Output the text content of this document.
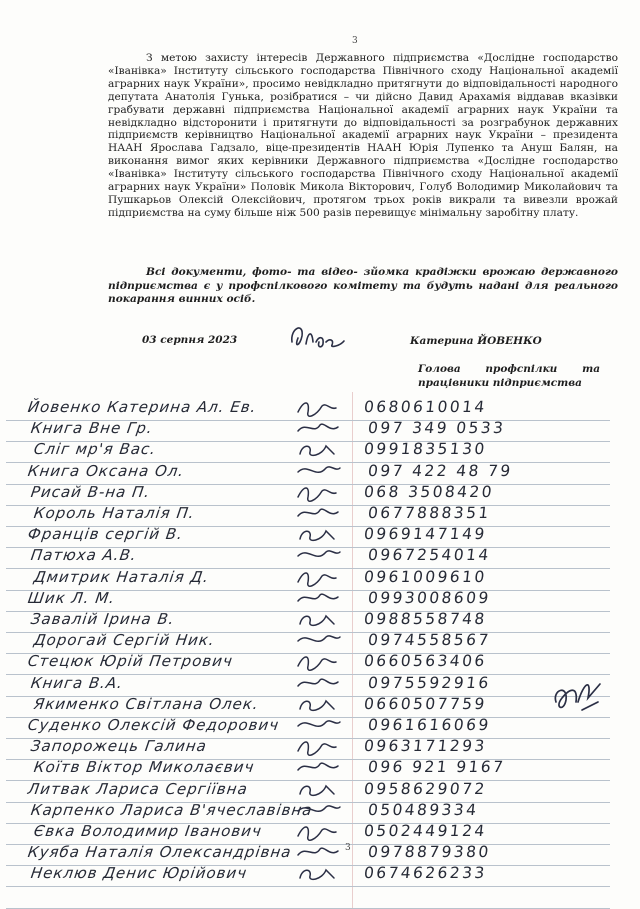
3

З метою захисту інтересів Державного підприємства «Дослідне господарство «Іванівка» Інституту сільського господарства Північного сходу Національної академії аграрних наук України», просимо невідкладно притягнути до відповідальності народного депутата Анатолія Гунька, розібратися – чи дійсно Давид Арахамія віддавав вказівки грабувати державні підприємства Національної академії аграрних наук України та невідкладно відсторонити і притягнути до відповідальності за розграбунок державних підприємств керівництво Національної академії аграрних наук України – президента НААН Ярослава Гадзало, віце-президентів НААН Юрія Лупенко та Ануш Балян, на виконання вимог яких керівники Державного підприємства «Дослідне господарство «Іванівка» Інституту сільського господарства Північного сходу Національної академії аграрних наук України» Половік Микола Вікторович, Голуб Володимир Миколайович та Пушкарьов Олексій Олексійович, протягом трьох років викрали та вивезли врожай підприємства на суму більше ніж 500 разів перевищує мінімальну заробітну плату.

Всі документи, фото- та відео- зйомка крадіжки врожаю державного підприємства є у профспілкового комітету та будуть надані для реального покарання винних осіб.

03 серпня 2023	Катерина ЙОВЕНКО
Голова профспілки та
працівники підприємства
Йовенко Катерина Ал. Ев.	0680610014
Книга Вне Гр.	097 349 0533
Сліг мр'я Вас.	0991835130
Книга Оксана Ол.	097 422 48 79
Рисай В-на П.	068 3508420
Король Наталія П.	0677888351
Франців сергій В.	0969147149
Патюха А.В.	0967254014
Дмитрик Наталія Д.	0961009610
Шик Л. М.	0993008609
Завалій Ірина В.	0988558748
Дорогай Сергій Ник.	0974558567
Стецюк Юрій Петрович	0660563406
Книга В.А.	0975592916
Якименко Світлана Олек.	0660507759
Суденко Олексій Федорович	0961616069
Запорожець Галина	0963171293
Коїтв Віктор Миколаєвич	096 921 9167
Литвак Лариса Сергіївна	0958629072
Карпенко Лариса В'ячеславівна	050489334
Євка Володимир Іванович	0502449124
Куяба Наталія Олександрівна	0978879380
Неклюв Денис Юрійович	0674626233
3
